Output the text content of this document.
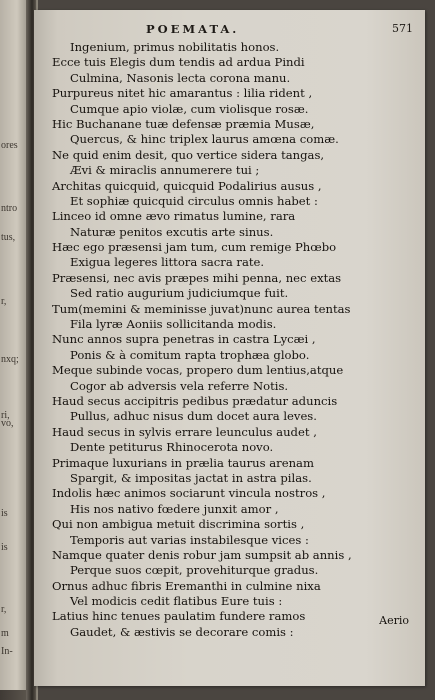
ores
ntro
tus,
r,
nxq;
ri,
vo,
is
is
r,
m
In-
POEMATA.	571
Ingenium, primus nobilitatis honos.
Ecce tuis Elegis dum tendis ad ardua Pindi
Culmina, Nasonis lecta corona manu.
Purpureus nitet hic amarantus : lilia rident ,
Cumque apio violæ, cum violisque rosæ.
Hic Buchanane tuæ defensæ præmia Musæ,
Quercus, & hinc triplex laurus amœna comæ.
Ne quid enim desit, quo vertice sidera tangas,
Ævi & miraclis annumerere tui ;
Architas quicquid, quicquid Podalirius ausus ,
Et sophiæ quicquid circulus omnis habet :
Linceo id omne ævo rimatus lumine, rara
Naturæ penitos excutis arte sinus.
Hæc ego præsensi jam tum, cum remige Phœbo
Exigua legeres littora sacra rate.
Præsensi, nec avis præpes mihi penna, nec extas
Sed ratio augurium judiciumque fuit.
Tum(memini & meminisse juvat)nunc aurea tentas
Fila lyræ Aoniis sollicitanda modis.
Nunc annos supra penetras in castra Lycæi ,
Ponis & à comitum rapta trophæa globo.
Meque subinde vocas, propero dum lentius,atque
Cogor ab adversis vela referre Notis.
Haud secus accipitris pedibus prædatur aduncis
Pullus, adhuc nisus dum docet aura leves.
Haud secus in sylvis errare leunculus audet ,
Dente petiturus Rhinocerota novo.
Primaque luxurians in prælia taurus arenam
Spargit, & impositas jactat in astra pilas.
Indolis hæc animos sociarunt vincula nostros ,
His nos nativo fœdere junxit amor ,
Qui non ambigua metuit discrimina sortis ,
Temporis aut varias instabilesque vices :
Namque quater denis robur jam sumpsit ab annis ,
Perque suos cœpit, provehiturque gradus.
Ornus adhuc fibris Eremanthi in culmine nixa
Vel modicis cedit flatibus Eure tuis :
Latius hinc tenues paulatim fundere ramos
Gaudet, & æstivis se decorare comis :
Aerio
